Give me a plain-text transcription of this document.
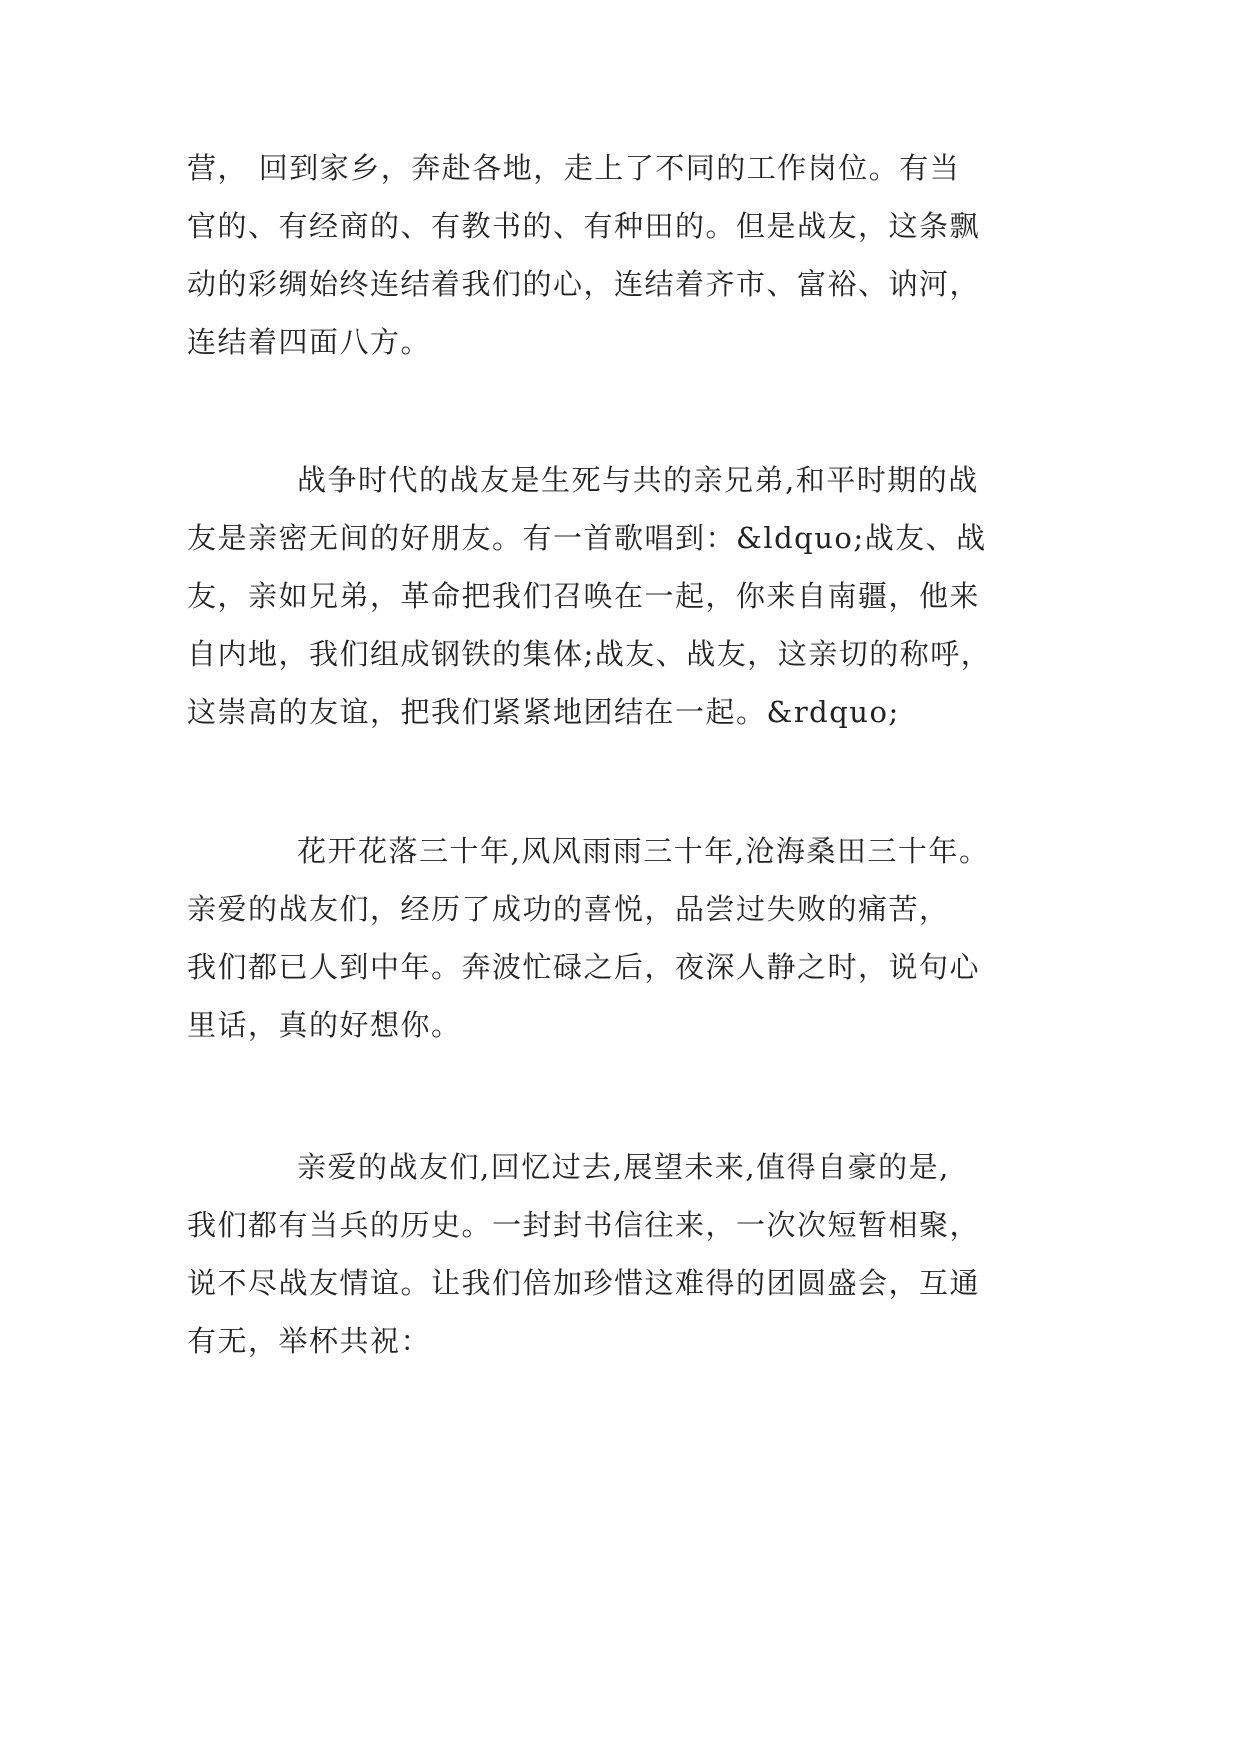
营， 回到家乡，奔赴各地，走上了不同的工作岗位。有当
官的、有经商的、有教书的、有种田的。但是战友，这条飘
动的彩绸始终连结着我们的心，连结着齐市、富裕、讷河，
连结着四面八方。
战争时代的战友是生死与共的亲兄弟,和平时期的战
友是亲密无间的好朋友。有一首歌唱到：&ldquo;战友、战
友，亲如兄弟，革命把我们召唤在一起，你来自南疆，他来
自内地，我们组成钢铁的集体;战友、战友，这亲切的称呼，
这崇高的友谊，把我们紧紧地团结在一起。&rdquo;
花开花落三十年,风风雨雨三十年,沧海桑田三十年。
亲爱的战友们，经历了成功的喜悦，品尝过失败的痛苦，
我们都已人到中年。奔波忙碌之后，夜深人静之时，说句心
里话，真的好想你。
亲爱的战友们,回忆过去,展望未来,值得自豪的是,
我们都有当兵的历史。一封封书信往来，一次次短暂相聚，
说不尽战友情谊。让我们倍加珍惜这难得的团圆盛会，互通
有无，举杯共祝：
